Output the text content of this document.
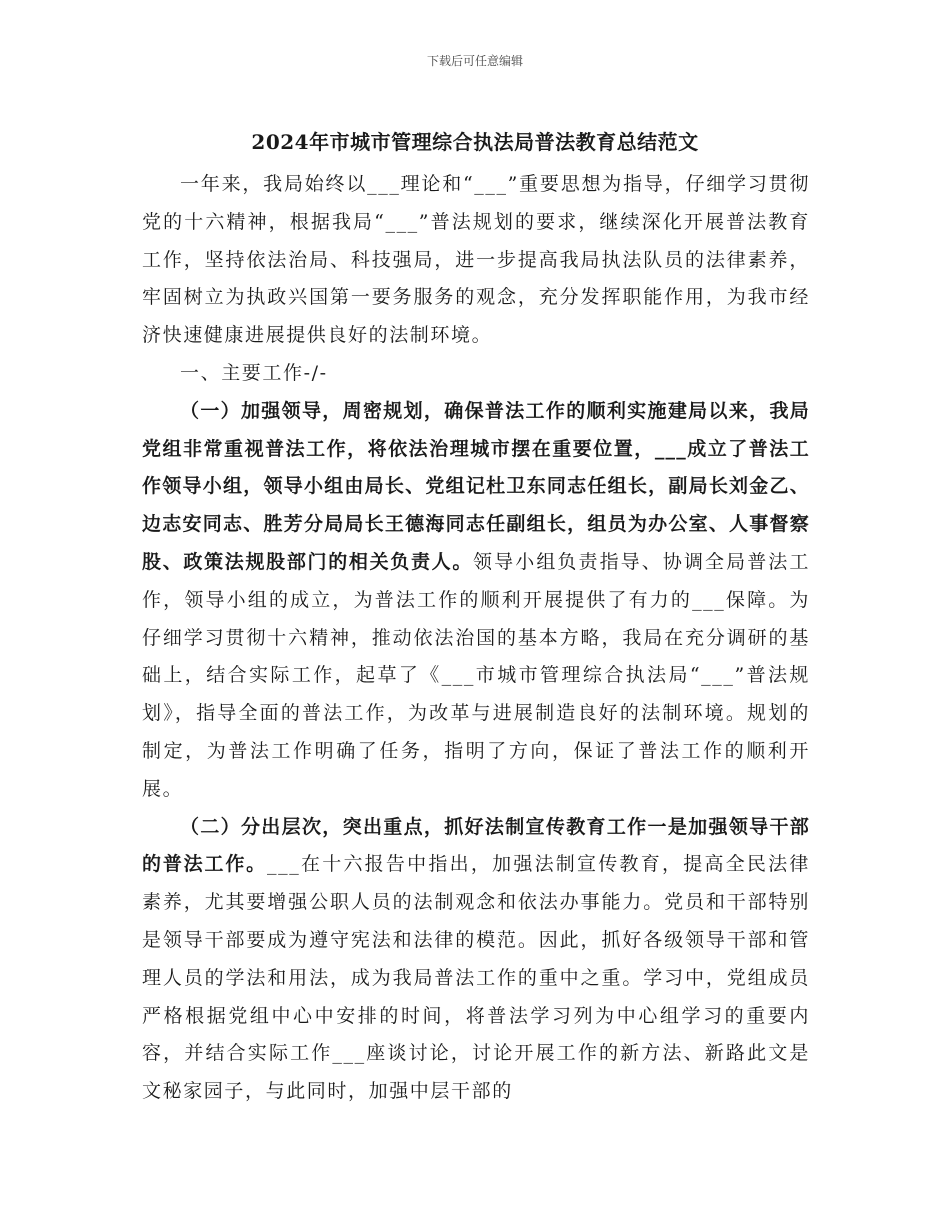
下载后可任意编辑
2024年市城市管理综合执法局普法教育总结范文

一年来，我局始终以___理论和“___”重要思想为指导，仔细学习贯彻党的十六精神，根据我局“___”普法规划的要求，继续深化开展普法教育工作，坚持依法治局、科技强局，进一步提高我局执法队员的法律素养，牢固树立为执政兴国第一要务服务的观念，充分发挥职能作用，为我市经济快速健康进展提供良好的法制环境。

一、主要工作-/-

（一）加强领导，周密规划，确保普法工作的顺利实施建局以来，我局党组非常重视普法工作，将依法治理城市摆在重要位置，___成立了普法工作领导小组，领导小组由局长、党组记杜卫东同志任组长，副局长刘金乙、边志安同志、胜芳分局局长王德海同志任副组长，组员为办公室、人事督察股、政策法规股部门的相关负责人。领导小组负责指导、协调全局普法工作，领导小组的成立，为普法工作的顺利开展提供了有力的___保障。为仔细学习贯彻十六精神，推动依法治国的基本方略，我局在充分调研的基础上，结合实际工作，起草了《___市城市管理综合执法局“___”普法规划》，指导全面的普法工作，为改革与进展制造良好的法制环境。规划的制定，为普法工作明确了任务，指明了方向，保证了普法工作的顺利开展。

（二）分出层次，突出重点，抓好法制宣传教育工作一是加强领导干部的普法工作。___在十六报告中指出，加强法制宣传教育，提高全民法律素养，尤其要增强公职人员的法制观念和依法办事能力。党员和干部特别是领导干部要成为遵守宪法和法律的模范。因此，抓好各级领导干部和管理人员的学法和用法，成为我局普法工作的重中之重。学习中，党组成员严格根据党组中心中安排的时间，将普法学习列为中心组学习的重要内容，并结合实际工作___座谈讨论，讨论开展工作的新方法、新路此文是文秘家园子，与此同时，加强中层干部的
